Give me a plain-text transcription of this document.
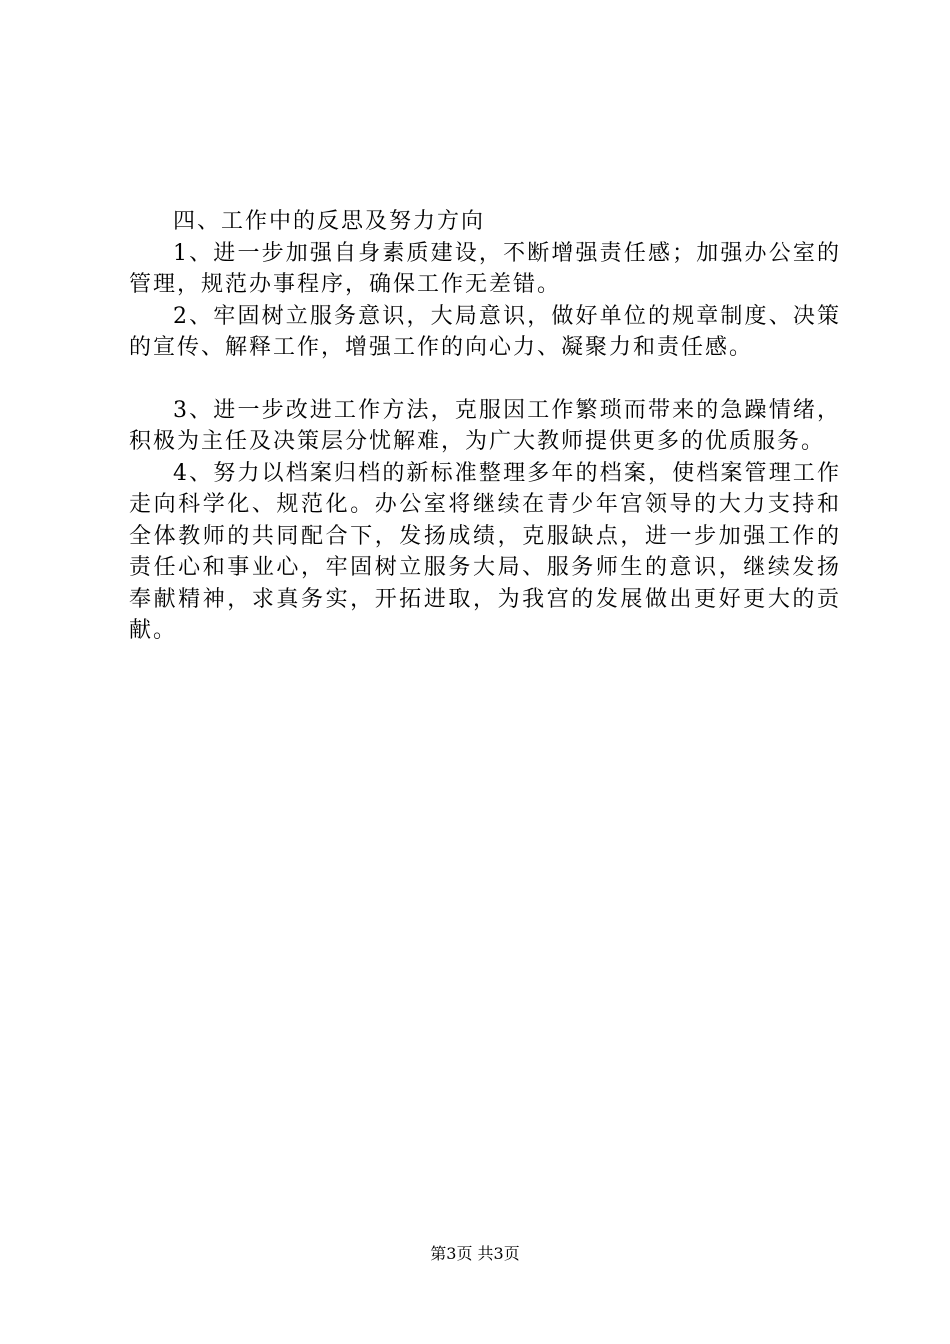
四、工作中的反思及努力方向

1、进一步加强自身素质建设，不断增强责任感；加强办公室的管理，规范办事程序，确保工作无差错。

2、牢固树立服务意识，大局意识，做好单位的规章制度、决策的宣传、解释工作，增强工作的向心力、凝聚力和责任感。

3、进一步改进工作方法，克服因工作繁琐而带来的急躁情绪，积极为主任及决策层分忧解难，为广大教师提供更多的优质服务。

4、努力以档案归档的新标准整理多年的档案，使档案管理工作走向科学化、规范化。办公室将继续在青少年宫领导的大力支持和全体教师的共同配合下，发扬成绩，克服缺点，进一步加强工作的责任心和事业心，牢固树立服务大局、服务师生的意识，继续发扬奉献精神，求真务实，开拓进取，为我宫的发展做出更好更大的贡献。

第3页 共3页
